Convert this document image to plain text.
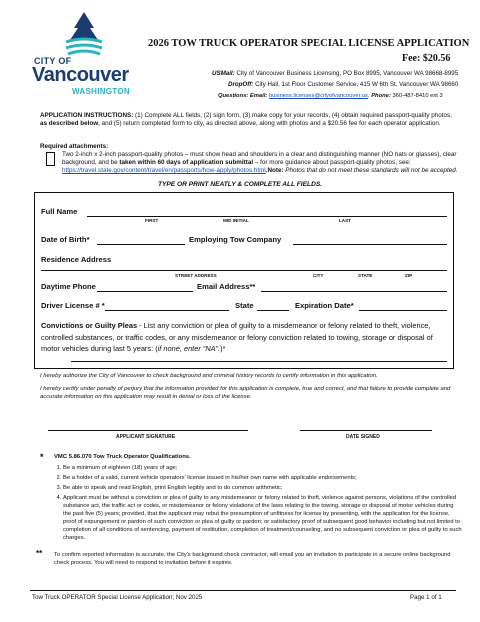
CITY OF
Vancouver
WASHINGTON
2026 TOW TRUCK OPERATOR SPECIAL LICENSE APPLICATION
Fee: $20.56
USMail: City of Vancouver Business Licensing, PO Box 8995, Vancouver WA 98668-8995
DropOff: City Hall, 1st Floor Customer Service, 415 W 6th St, Vancouver WA 98660
Questions: Email: business.licenses@cityofvancouver.us, Phone: 360-487-8410 ext 3
APPLICATION INSTRUCTIONS: (1) Complete ALL fields, (2) sign form, (3) make copy for your records, (4) obtain required passport-quality photos, as described below, and (5) return completed form to city, as directed above, along with photos and a $20.56 fee for each operator application.
Required attachments:
Two 2-inch x 2-inch passport-quality photos – must show head and shoulders in a clear and distinguishing manner (NO hats or glasses), clear background, and be taken within 60 days of application submittal – for more guidance about passport-quality photos, see: https://travel.state.gov/content/travel/en/passports/how-apply/photos.html,Note: Photos that do not meet these standards will not be accepted.
TYPE OR PRINT NEATLY & COMPLETE ALL FIELDS.
Full Name
FIRST	MID INITIAL	LAST
Date of Birth*	Employing Tow Company
Residence Address
STREET ADDRESS	CITY	STATE	ZIP
Daytime Phone	Email Address**
Driver License # *	State	Expiration Date*
Convictions or Guilty Pleas - List any conviction or plea of guilty to a misdemeanor or felony related to theft, violence, controlled substances, or traffic codes, or any misdemeanor or felony conviction related to towing, storage or disposal of motor vehicles during last 5 years: (if none, enter “NA”.)*
I hereby authorize the City of Vancouver to check background and criminal history records to certify information in this application.
I hereby certify under penalty of perjury that the information provided for this application is complete, true and correct, and that failure to provide complete and accurate information on this application may result in denial or loss of the license.
APPLICANT SIGNATURE	DATE SIGNED
* VMC 5.86.070 Tow Truck Operator Qualifications.
1. Be a minimum of eighteen (18) years of age;
2. Be a holder of a valid, current vehicle operators' license issued in his/her own name with applicable endorsements;
3. Be able to speak and read English, print English legibly and to do common arithmetic;
4. Applicant must be without a conviction or plea of guilty to any misdemeanor or felony related to theft, violence against persons, violations of the controlled substance act, the traffic act or codes, or misdemeanor or felony violations of the laws relating to the towing, storage or disposal of motor vehicles during the past five (5) years; provided, that the applicant may rebut the presumption of unfitness for license by presenting, with the application for the license, proof of expungement or pardon of such conviction or plea of guilty or pardon; or satisfactory proof of subsequent good behavior including but not limited to completion of all conditions of sentencing, payment of restitution, completion of treatment/counseling, and no subsequent conviction or plea of guilty to such charges.
** To confirm reported information is accurate, the City's background check contractor, will email you an invitation to participate in a secure online background check process. You will need to respond to invitation before it expires.
Tow Truck OPERATOR Special License Application; Nov 2025	Page 1 of 1
